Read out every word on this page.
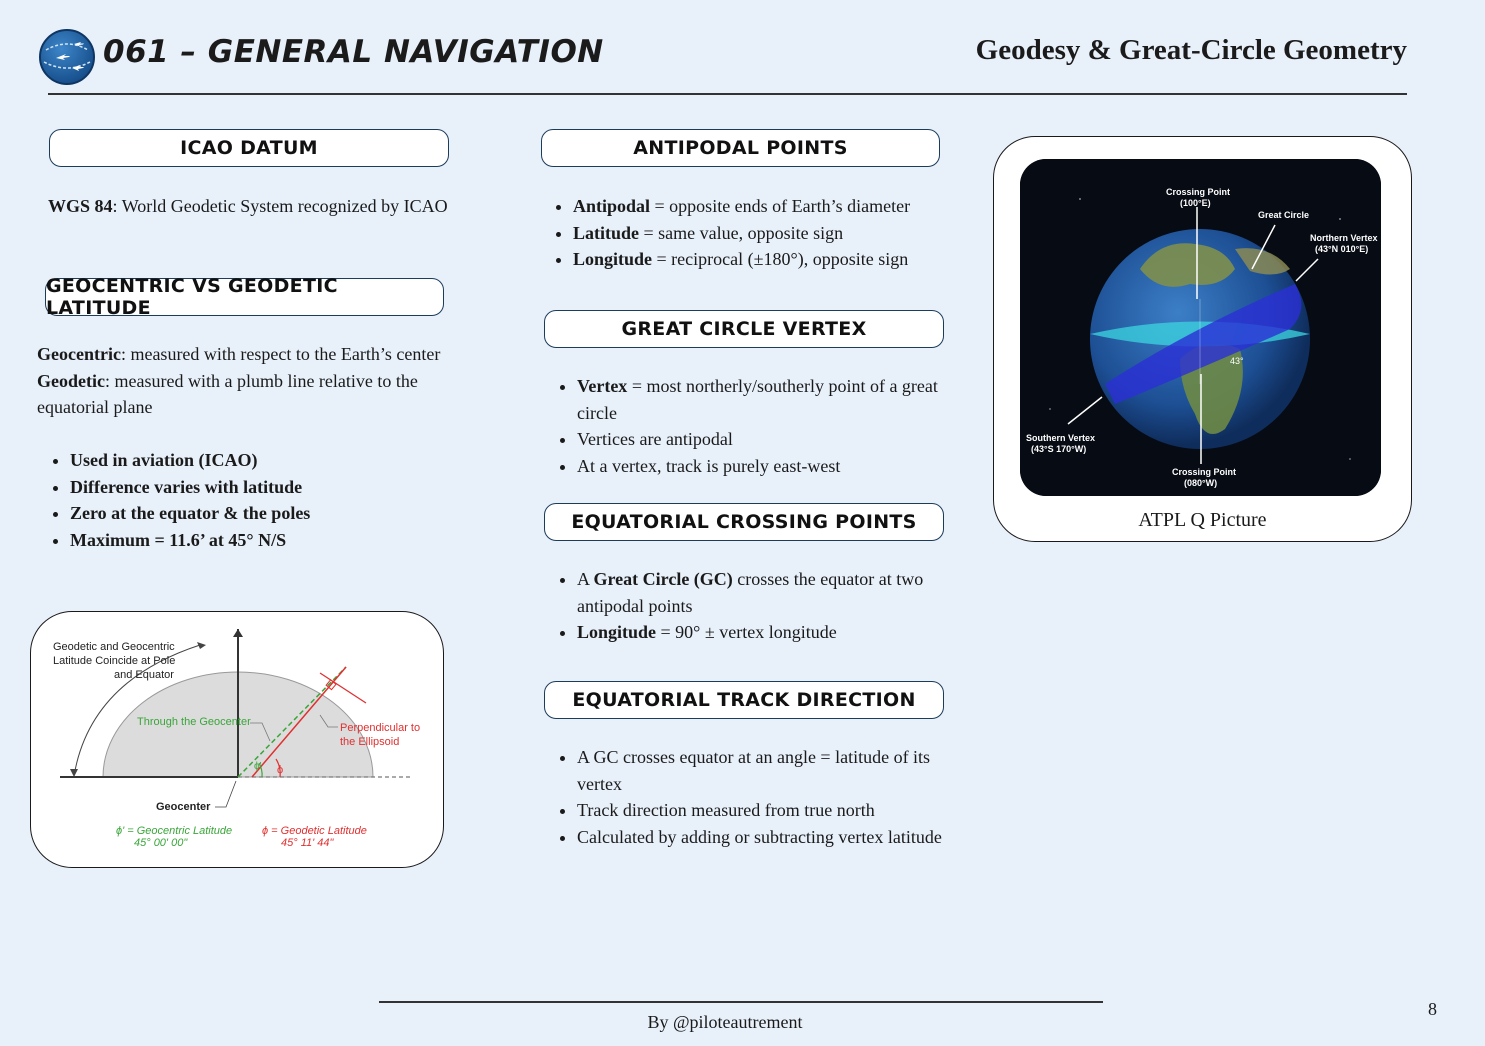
061 – GENERAL NAVIGATION	Geodesy & Great-Circle Geometry
ICAO DATUM
WGS 84: World Geodetic System recognized by ICAO
GEOCENTRIC VS GEODETIC LATITUDE
Geocentric: measured with respect to the Earth’s center
Geodetic: measured with a plumb line relative to the equatorial plane
• Used in aviation (ICAO)
• Difference varies with latitude
• Zero at the equator & the poles
• Maximum = 11.6’ at 45° N/S
Geodetic and Geocentric
Latitude Coincide at Pole
and Equator
Through the Geocenter	Perpendicular to
the Ellipsoid
ϕ' ϕ
Geocenter
ϕ' = Geocentric Latitude
45° 00' 00"
ϕ = Geodetic Latitude
45° 11' 44"
ANTIPODAL POINTS
• Antipodal = opposite ends of Earth’s diameter
• Latitude = same value, opposite sign
• Longitude = reciprocal (±180°), opposite sign
GREAT CIRCLE VERTEX
• Vertex = most northerly/southerly point of a great circle
• Vertices are antipodal
• At a vertex, track is purely east-west
EQUATORIAL CROSSING POINTS
• A Great Circle (GC) crosses the equator at two antipodal points
• Longitude = 90° ± vertex longitude
EQUATORIAL TRACK DIRECTION
• A GC crosses equator at an angle = latitude of its vertex
• Track direction measured from true north
• Calculated by adding or subtracting vertex latitude
43°
Crossing Point
(100°E)
Great Circle
Northern Vertex
(43°N 010°E)
Southern Vertex
(43°S 170°W)
Crossing Point
(080°W)
ATPL Q Picture
By @piloteautrement
8
